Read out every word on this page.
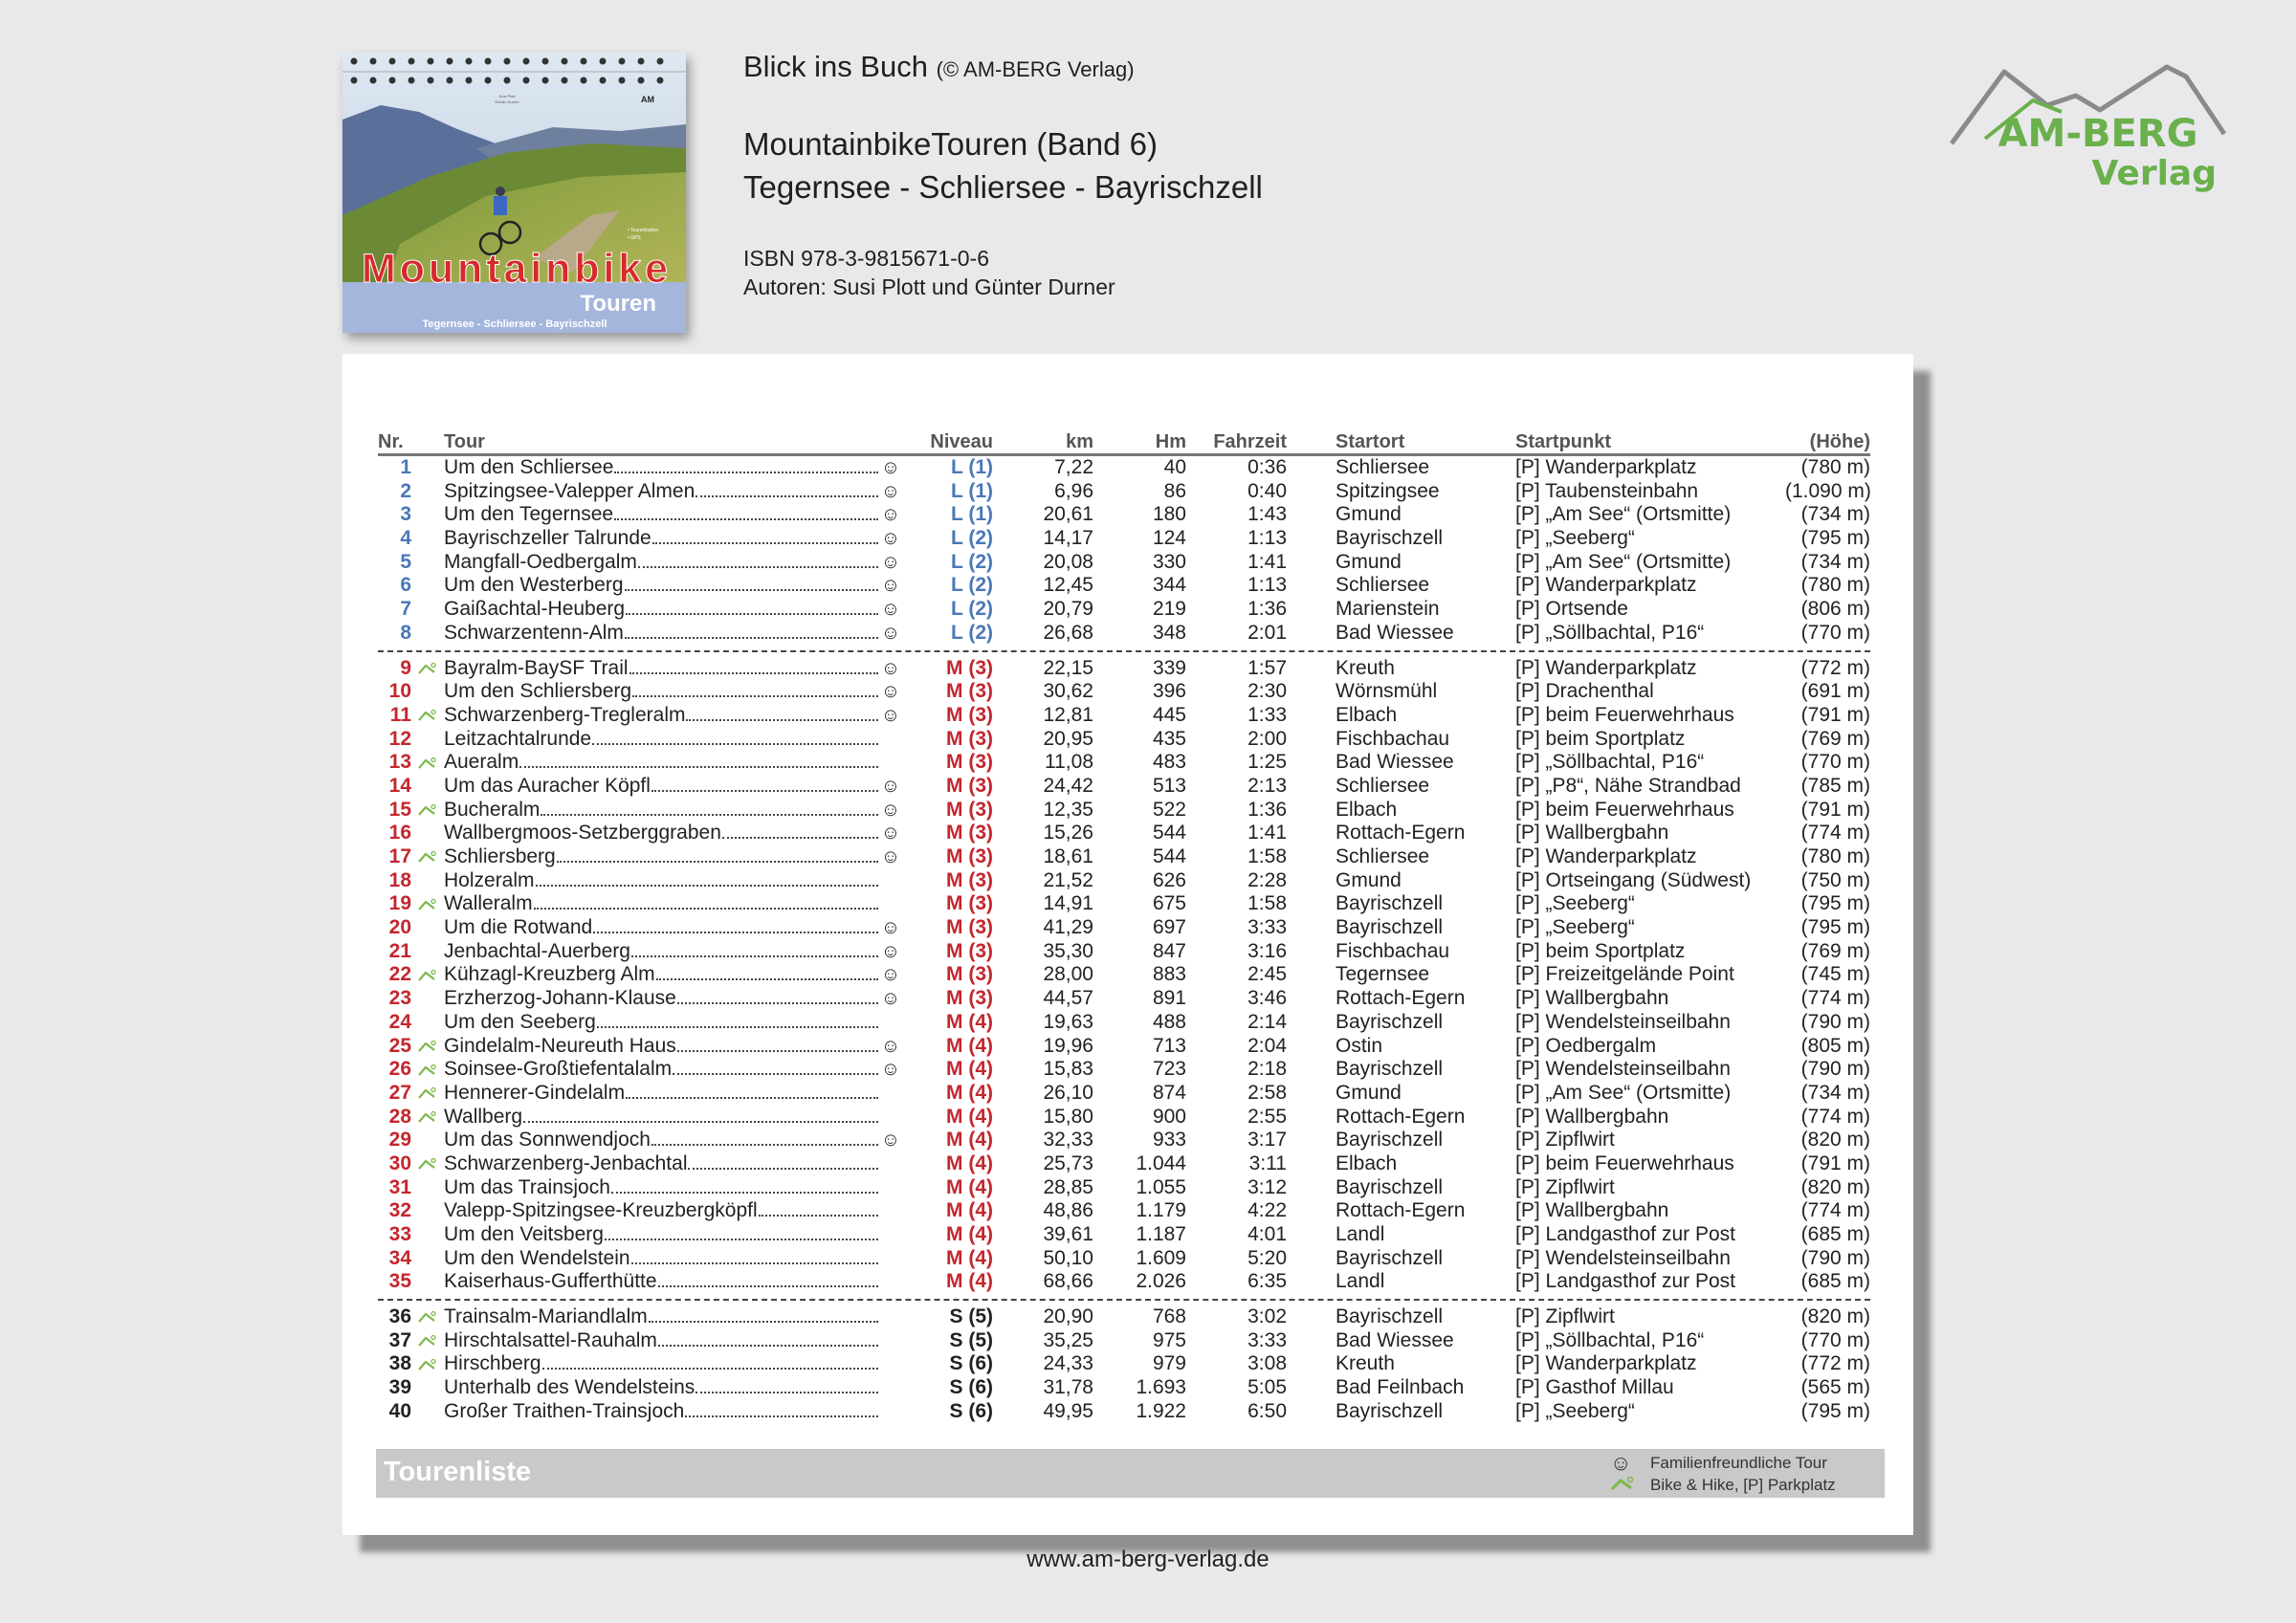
Susi Plott
Günter Durner	AM
• Tourenkarten
• GPS
Mountainbike
Touren
Tegernsee - Schliersee - Bayrischzell
Blick ins Buch (© AM-BERG Verlag)
MountainbikeTouren (Band 6)
Tegernsee - Schliersee - Bayrischzell
ISBN 978-3-9815671-0-6
Autoren: Susi Plott und Günter Durner
AM-BERG
Verlag
Nr.	Tour	Niveau	km	Hm	Fahrzeit	Startort	Startpunkt	(Höhe)
1 Um den Schliersee	☺	L (1)	7,22	40	0:36	Schliersee	[P] Wanderparkplatz	(780 m)
2 Spitzingsee-Valepper Almen	☺	L (1)	6,96	86	0:40	Spitzingsee	[P] Taubensteinbahn	(1.090 m)
3 Um den Tegernsee	☺	L (1)	20,61	180	1:43	Gmund	[P] „Am See“ (Ortsmitte)	(734 m)
4 Bayrischzeller Talrunde	☺	L (2)	14,17	124	1:13	Bayrischzell	[P] „Seeberg“	(795 m)
5 Mangfall-Oedbergalm	☺	L (2)	20,08	330	1:41	Gmund	[P] „Am See“ (Ortsmitte)	(734 m)
6 Um den Westerberg	☺	L (2)	12,45	344	1:13	Schliersee	[P] Wanderparkplatz	(780 m)
7 Gaißachtal-Heuberg	☺	L (2)	20,79	219	1:36	Marienstein	[P] Ortsende	(806 m)
8 Schwarzentenn-Alm	☺	L (2)	26,68	348	2:01	Bad Wiessee	[P] „Söllbachtal, P16“	(770 m)
9 Bayralm-BaySF Trail	☺	M (3)	22,15	339	1:57	Kreuth	[P] Wanderparkplatz	(772 m)
10 Um den Schliersberg	☺	M (3)	30,62	396	2:30	Wörnsmühl	[P] Drachenthal	(691 m)
11 Schwarzenberg-Tregleralm	☺	M (3)	12,81	445	1:33	Elbach	[P] beim Feuerwehrhaus	(791 m)
12 Leitzachtalrunde	M (3)	20,95	435	2:00	Fischbachau	[P] beim Sportplatz	(769 m)
13 Aueralm	M (3)	11,08	483	1:25	Bad Wiessee	[P] „Söllbachtal, P16“	(770 m)
14 Um das Auracher Köpfl	☺	M (3)	24,42	513	2:13	Schliersee	[P] „P8“, Nähe Strandbad	(785 m)
15 Bucheralm	☺	M (3)	12,35	522	1:36	Elbach	[P] beim Feuerwehrhaus	(791 m)
16 Wallbergmoos-Setzberggraben	☺	M (3)	15,26	544	1:41	Rottach-Egern	[P] Wallbergbahn	(774 m)
17 Schliersberg	☺	M (3)	18,61	544	1:58	Schliersee	[P] Wanderparkplatz	(780 m)
18 Holzeralm	M (3)	21,52	626	2:28	Gmund	[P] Ortseingang (Südwest)	(750 m)
19 Walleralm	M (3)	14,91	675	1:58	Bayrischzell	[P] „Seeberg“	(795 m)
20 Um die Rotwand	☺	M (3)	41,29	697	3:33	Bayrischzell	[P] „Seeberg“	(795 m)
21 Jenbachtal-Auerberg	☺	M (3)	35,30	847	3:16	Fischbachau	[P] beim Sportplatz	(769 m)
22 Kühzagl-Kreuzberg Alm	☺	M (3)	28,00	883	2:45	Tegernsee	[P] Freizeitgelände Point	(745 m)
23 Erzherzog-Johann-Klause	☺	M (3)	44,57	891	3:46	Rottach-Egern	[P] Wallbergbahn	(774 m)
24 Um den Seeberg	M (4)	19,63	488	2:14	Bayrischzell	[P] Wendelsteinseilbahn	(790 m)
25 Gindelalm-Neureuth Haus	☺	M (4)	19,96	713	2:04	Ostin	[P] Oedbergalm	(805 m)
26 Soinsee-Großtiefentalalm	☺	M (4)	15,83	723	2:18	Bayrischzell	[P] Wendelsteinseilbahn	(790 m)
27 Hennerer-Gindelalm	M (4)	26,10	874	2:58	Gmund	[P] „Am See“ (Ortsmitte)	(734 m)
28 Wallberg	M (4)	15,80	900	2:55	Rottach-Egern	[P] Wallbergbahn	(774 m)
29 Um das Sonnwendjoch	☺	M (4)	32,33	933	3:17	Bayrischzell	[P] Zipflwirt	(820 m)
30 Schwarzenberg-Jenbachtal	M (4)	25,73	1.044	3:11	Elbach	[P] beim Feuerwehrhaus	(791 m)
31 Um das Trainsjoch	M (4)	28,85	1.055	3:12	Bayrischzell	[P] Zipflwirt	(820 m)
32 Valepp-Spitzingsee-Kreuzbergköpfl	M (4)	48,86	1.179	4:22	Rottach-Egern	[P] Wallbergbahn	(774 m)
33 Um den Veitsberg	M (4)	39,61	1.187	4:01	Landl	[P] Landgasthof zur Post	(685 m)
34 Um den Wendelstein	M (4)	50,10	1.609	5:20	Bayrischzell	[P] Wendelsteinseilbahn	(790 m)
35 Kaiserhaus-Gufferthütte	M (4)	68,66	2.026	6:35	Landl	[P] Landgasthof zur Post	(685 m)
36 Trainsalm-Mariandlalm	S (5)	20,90	768	3:02	Bayrischzell	[P] Zipflwirt	(820 m)
37 Hirschtalsattel-Rauhalm	S (5)	35,25	975	3:33	Bad Wiessee	[P] „Söllbachtal, P16“	(770 m)
38 Hirschberg	S (6)	24,33	979	3:08	Kreuth	[P] Wanderparkplatz	(772 m)
39 Unterhalb des Wendelsteins	S (6)	31,78	1.693	5:05	Bad Feilnbach	[P] Gasthof Millau	(565 m)
40 Großer Traithen-Trainsjoch	S (6)	49,95	1.922	6:50	Bayrischzell	[P] „Seeberg“	(795 m)
Tourenliste	☺ Familienfreundliche Tour
Bike & Hike, [P] Parkplatz
www.am-berg-verlag.de
